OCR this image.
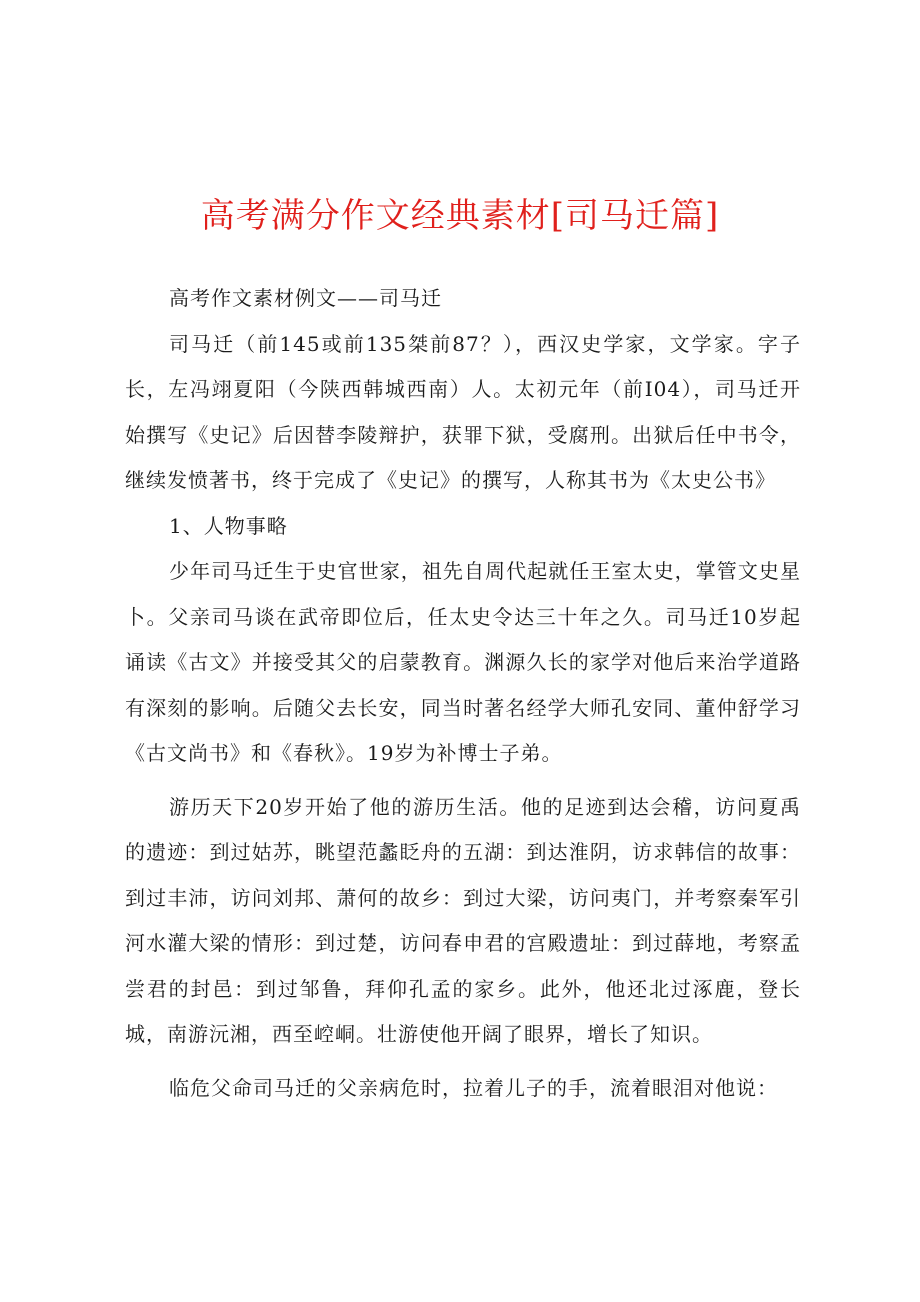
高考满分作文经典素材[司马迁篇]

高考作文素材例文——司马迁

司马迁（前145或前135桀前87？），西汉史学家，文学家。字子长，左冯翊夏阳（今陕西韩城西南）人。太初元年（前I04），司马迁开始撰写《史记》后因替李陵辩护，获罪下狱，受腐刑。出狱后任中书令，继续发愤著书，终于完成了《史记》的撰写，人称其书为《太史公书》

1、人物事略

少年司马迁生于史官世家，祖先自周代起就任王室太史，掌管文史星卜。父亲司马谈在武帝即位后，任太史令达三十年之久。司马迁10岁起诵读《古文》并接受其父的启蒙教育。渊源久长的家学对他后来治学道路有深刻的影响。后随父去长安，同当时著名经学大师孔安同、董仲舒学习《古文尚书》和《春秋》。19岁为补博士子弟。

游历天下20岁开始了他的游历生活。他的足迹到达会稽，访问夏禹的遗迹：到过姑苏，眺望范蠡眨舟的五湖：到达淮阴，访求韩信的故事：到过丰沛，访问刘邦、萧何的故乡：到过大梁，访问夷门，并考察秦军引河水灌大梁的情形：到过楚，访问春申君的宫殿遗址：到过薛地，考察孟尝君的封邑：到过邹鲁，拜仰孔孟的家乡。此外，他还北过涿鹿，登长城，南游沅湘，西至崆峒。壮游使他开阔了眼界，增长了知识。

临危父命司马迁的父亲病危时，拉着儿子的手，流着眼泪对他说：
